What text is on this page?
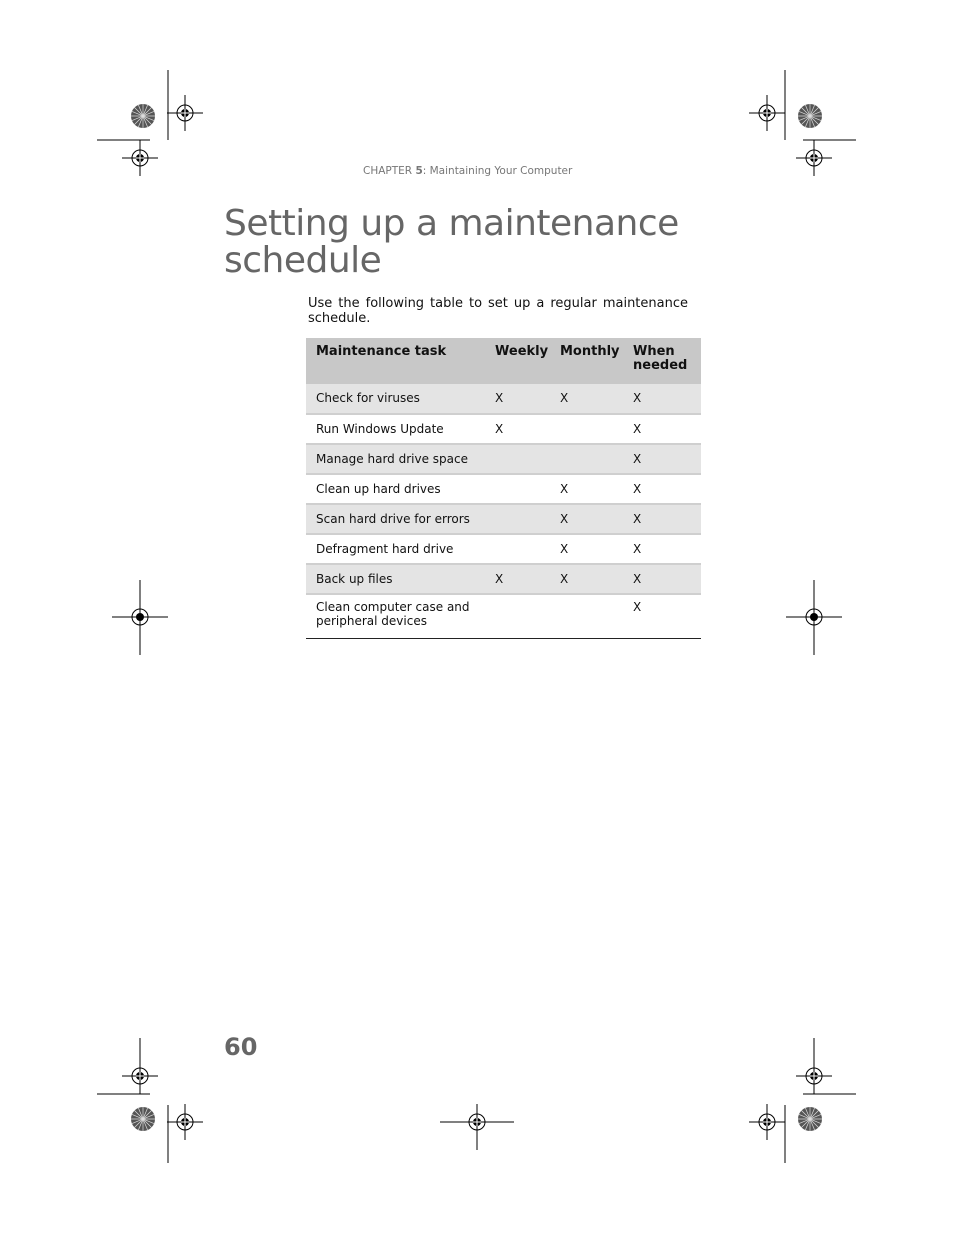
CHAPTER 5: Maintaining Your Computer
Setting up a maintenance schedule

Use the following table to set up a regular maintenance schedule.

Maintenance task	Weekly	Monthly	When needed
Check for viruses	X	X	X
Run Windows Update	X		X
Manage hard drive space			X
Clean up hard drives		X	X
Scan hard drive for errors		X	X
Defragment hard drive		X	X
Back up files	X	X	X
Clean computer case and peripheral devices			X
60
